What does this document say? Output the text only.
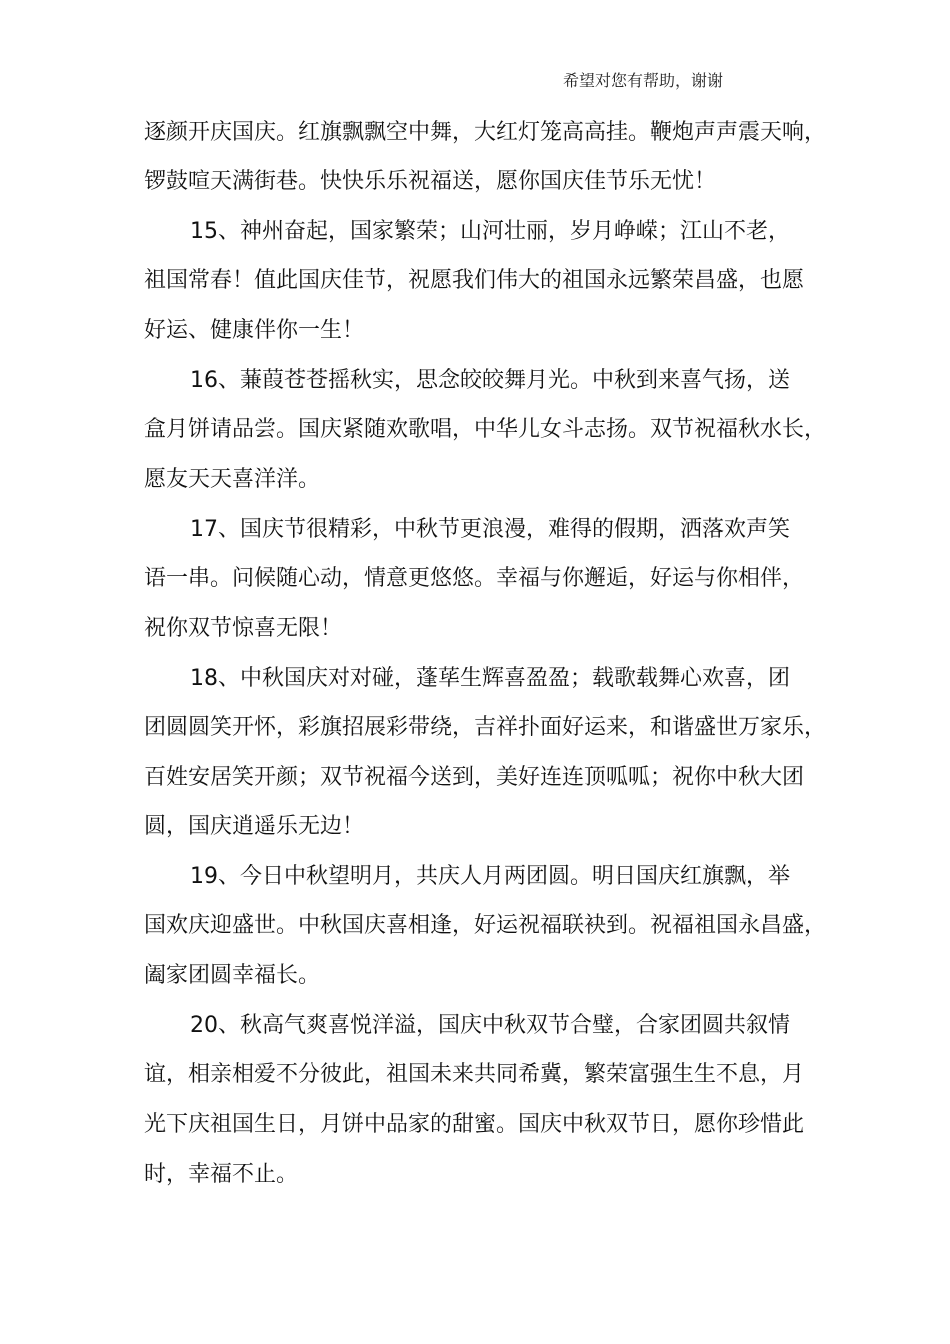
希望对您有帮助，谢谢
逐颜开庆国庆。红旗飘飘空中舞，大红灯笼高高挂。鞭炮声声震天响，
锣鼓喧天满街巷。快快乐乐祝福送，愿你国庆佳节乐无忧！
15、神州奋起，国家繁荣；山河壮丽，岁月峥嵘；江山不老，
祖国常春！值此国庆佳节，祝愿我们伟大的祖国永远繁荣昌盛，也愿
好运、健康伴你一生！
16、蒹葭苍苍摇秋实，思念皎皎舞月光。中秋到来喜气扬，送
盒月饼请品尝。国庆紧随欢歌唱，中华儿女斗志扬。双节祝福秋水长，
愿友天天喜洋洋。
17、国庆节很精彩，中秋节更浪漫，难得的假期，洒落欢声笑
语一串。问候随心动，情意更悠悠。幸福与你邂逅，好运与你相伴，
祝你双节惊喜无限！
18、中秋国庆对对碰，蓬荜生辉喜盈盈；载歌载舞心欢喜，团
团圆圆笑开怀，彩旗招展彩带绕，吉祥扑面好运来，和谐盛世万家乐，
百姓安居笑开颜；双节祝福今送到，美好连连顶呱呱；祝你中秋大团
圆，国庆逍遥乐无边！
19、今日中秋望明月，共庆人月两团圆。明日国庆红旗飘，举
国欢庆迎盛世。中秋国庆喜相逢，好运祝福联袂到。祝福祖国永昌盛，
阖家团圆幸福长。
20、秋高气爽喜悦洋溢，国庆中秋双节合璧，合家团圆共叙情
谊，相亲相爱不分彼此，祖国未来共同希冀，繁荣富强生生不息，月
光下庆祖国生日，月饼中品家的甜蜜。国庆中秋双节日，愿你珍惜此
时，幸福不止。
